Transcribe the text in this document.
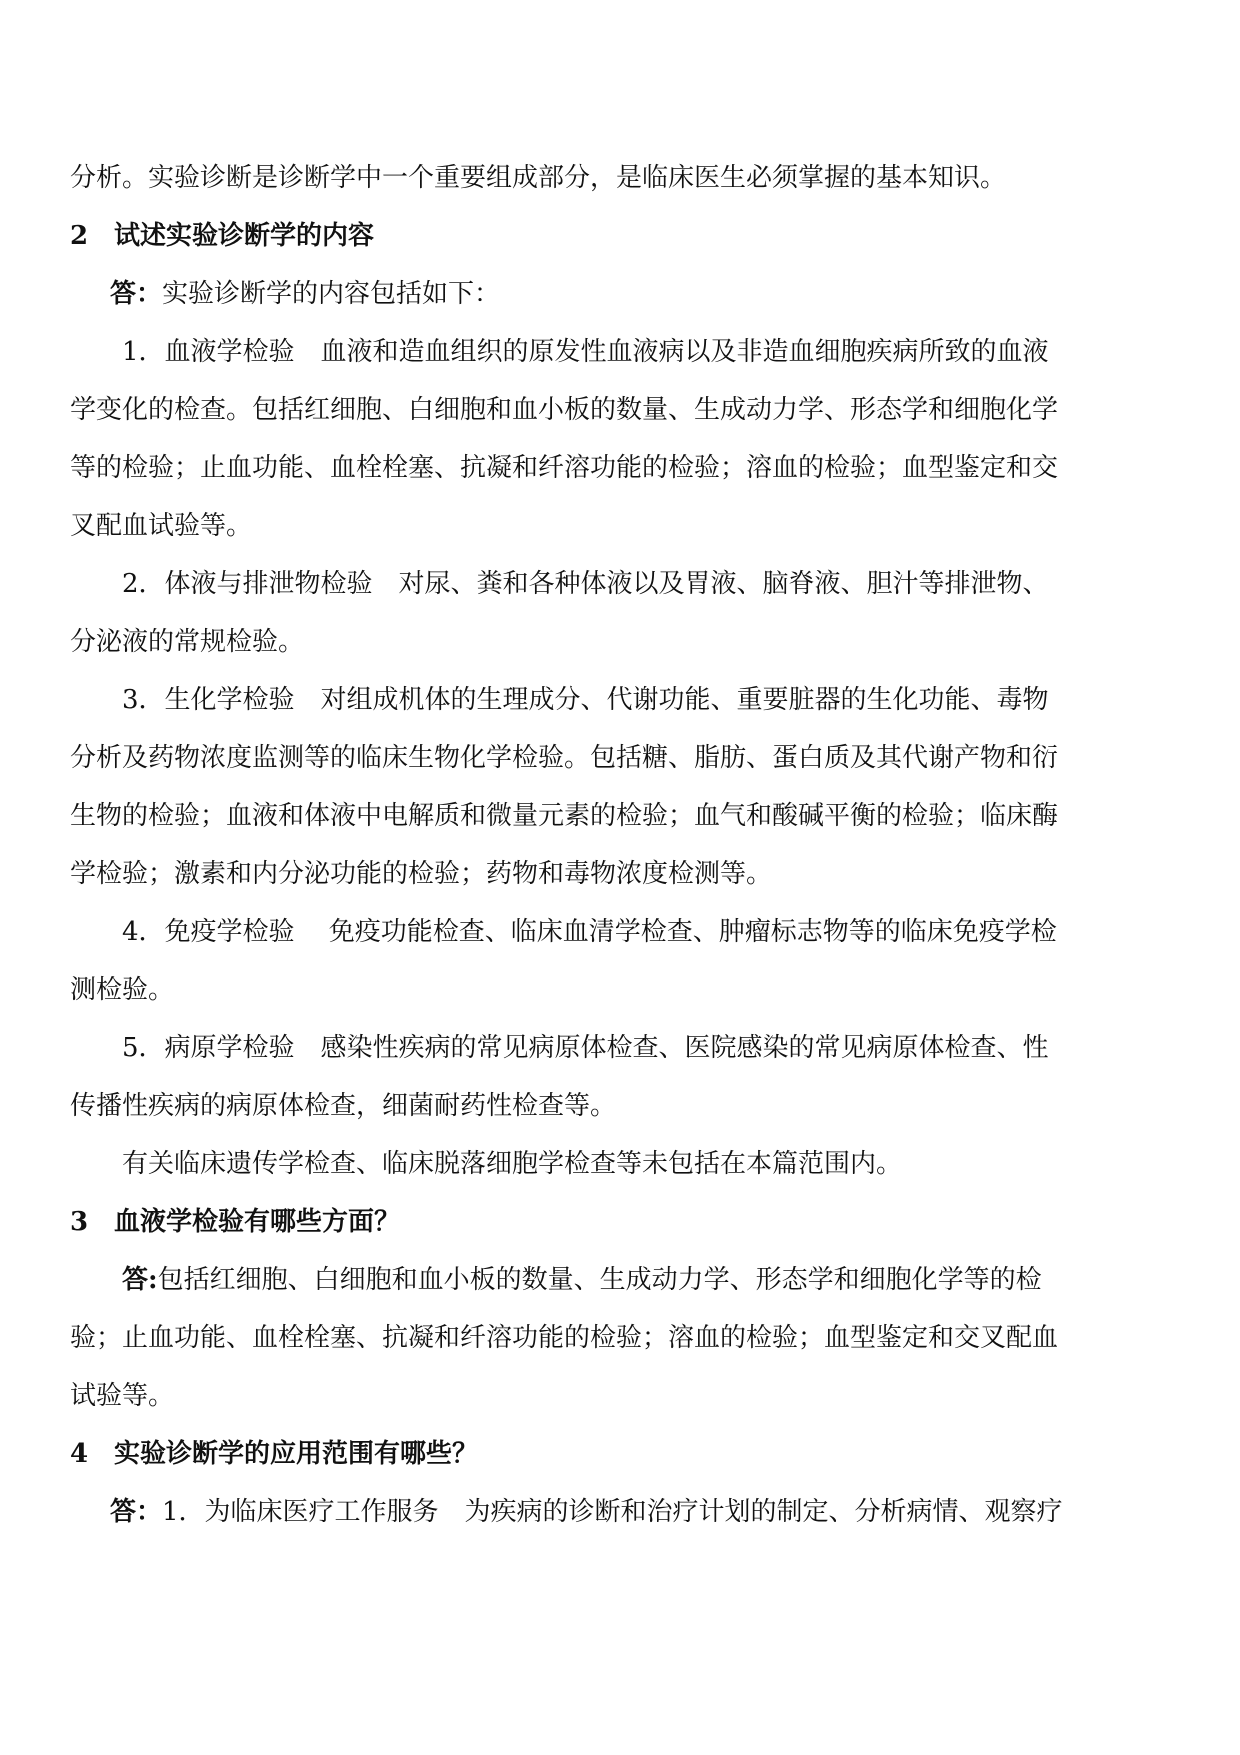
分析。实验诊断是诊断学中一个重要组成部分，是临床医生必须掌握的基本知识。
2 试述实验诊断学的内容
答：实验诊断学的内容包括如下：
1．血液学检验　血液和造血组织的原发性血液病以及非造血细胞疾病所致的血液
学变化的检查。包括红细胞、白细胞和血小板的数量、生成动力学、形态学和细胞化学
等的检验；止血功能、血栓栓塞、抗凝和纤溶功能的检验；溶血的检验；血型鉴定和交
叉配血试验等。
2．体液与排泄物检验　对尿、粪和各种体液以及胃液、脑脊液、胆汁等排泄物、
分泌液的常规检验。
3．生化学检验　对组成机体的生理成分、代谢功能、重要脏器的生化功能、毒物
分析及药物浓度监测等的临床生物化学检验。包括糖、脂肪、蛋白质及其代谢产物和衍
生物的检验；血液和体液中电解质和微量元素的检验；血气和酸碱平衡的检验；临床酶
学检验；激素和内分泌功能的检验；药物和毒物浓度检测等。
4．免疫学检验　 免疫功能检查、临床血清学检查、肿瘤标志物等的临床免疫学检
测检验。
5．病原学检验　感染性疾病的常见病原体检查、医院感染的常见病原体检查、性
传播性疾病的病原体检查，细菌耐药性检查等。
有关临床遗传学检查、临床脱落细胞学检查等未包括在本篇范围内。
3 血液学检验有哪些方面？
答:包括红细胞、白细胞和血小板的数量、生成动力学、形态学和细胞化学等的检
验；止血功能、血栓栓塞、抗凝和纤溶功能的检验；溶血的检验；血型鉴定和交叉配血
试验等。
4 实验诊断学的应用范围有哪些？
答：1．为临床医疗工作服务　为疾病的诊断和治疗计划的制定、分析病情、观察疗
